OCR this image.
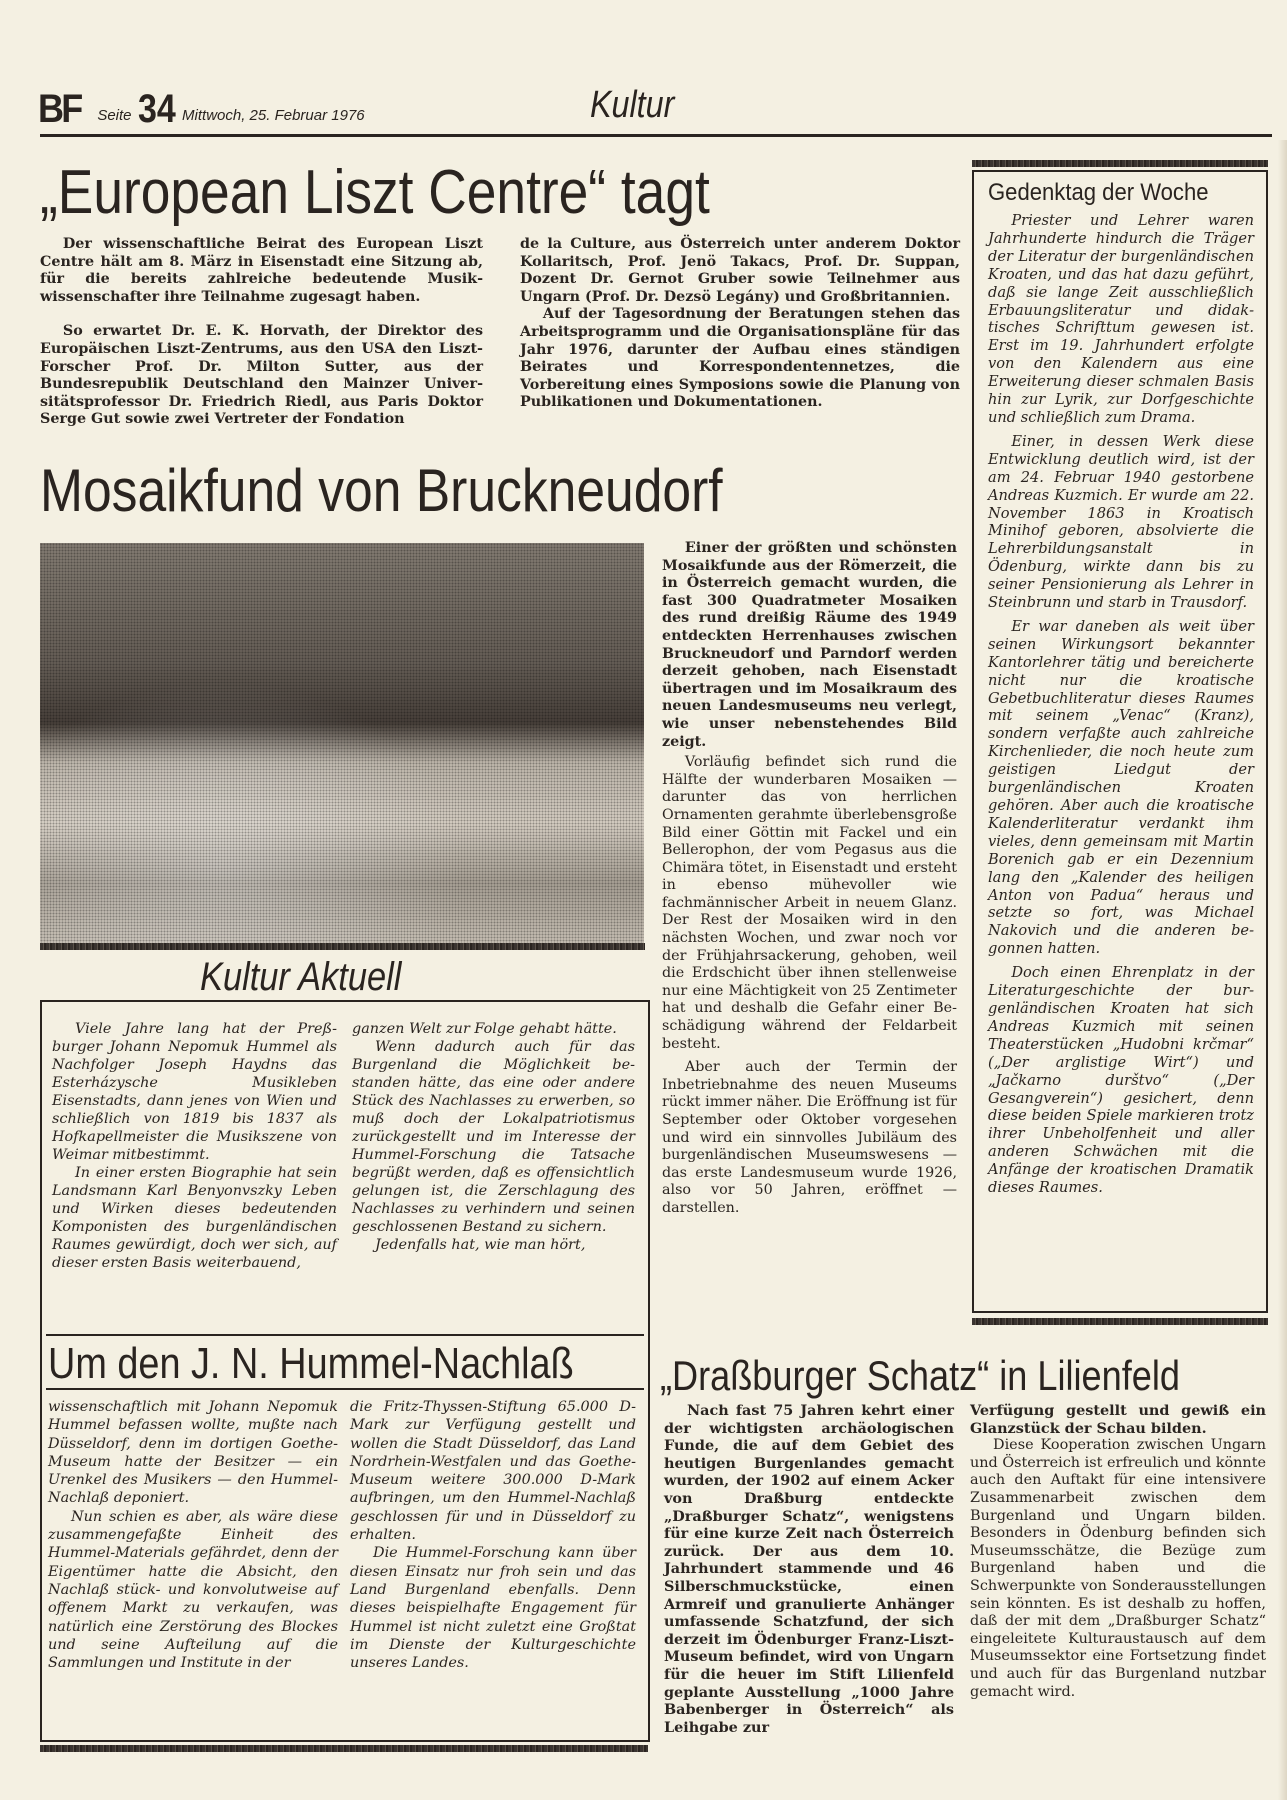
BF Seite 34 Mittwoch, 25. Februar 1976	Kultur
„European Liszt Centre“ tagt

Der wissenschaftliche Beirat des European Liszt Centre hält am 8. März in Eisenstadt eine Sitzung ab, für die bereits zahlreiche bedeutende Musikwissenschafter ihre Teilnahme zugesagt haben.

So erwartet Dr. E. K. Horvath, der Direktor des Europäischen Liszt-Zentrums, aus den USA den Liszt-Forscher Prof. Dr. Milton Sutter, aus der Bundesrepublik Deutschland den Mainzer Universitätsprofessor Dr. Friedrich Riedl, aus Paris Doktor Serge Gut sowie zwei Vertreter der Fondation

de la Culture, aus Österreich unter anderem Doktor Kollaritsch, Prof. Jenö Takacs, Prof. Dr. Suppan, Dozent Dr. Gernot Gruber sowie Teilnehmer aus Ungarn (Prof. Dr. Dezsö Legány) und Großbritannien.

Auf der Tagesordnung der Beratungen stehen das Arbeitsprogramm und die Organisationspläne für das Jahr 1976, darunter der Aufbau eines ständigen Beirates und Korrespondentennetzes, die Vorbereitung eines Symposions sowie die Planung von Publikationen und Dokumentationen.

Gedenktag der Woche

Priester und Lehrer waren Jahrhunderte hindurch die Träger der Literatur der burgenländischen Kroaten, und das hat dazu geführt, daß sie lange Zeit ausschließlich Erbauungsliteratur und didaktisches Schrifttum gewesen ist. Erst im 19. Jahrhundert erfolgte von den Kalendern aus eine Erweiterung dieser schmalen Basis hin zur Lyrik, zur Dorfgeschichte und schließlich zum Drama.

Einer, in dessen Werk diese Entwicklung deutlich wird, ist der am 24. Februar 1940 gestorbene Andreas Kuzmich. Er wurde am 22. November 1863 in Kroatisch Minihof geboren, absolvierte die Lehrerbildungsanstalt in Ödenburg, wirkte dann bis zu seiner Pensionierung als Lehrer in Steinbrunn und starb in Trausdorf.

Er war daneben als weit über seinen Wirkungsort bekannter Kantorlehrer tätig und bereicherte nicht nur die kroatische Gebetbuchliteratur dieses Raumes mit seinem „Venac“ (Kranz), sondern verfaßte auch zahlreiche Kirchenlieder, die noch heute zum geistigen Liedgut der burgenländischen Kroaten gehören. Aber auch die kroatische Kalenderliteratur verdankt ihm vieles, denn gemeinsam mit Martin Borenich gab er ein Dezennium lang den „Kalender des heiligen Anton von Padua“ heraus und setzte so fort, was Michael Nakovich und die anderen begonnen hatten.

Doch einen Ehrenplatz in der Literaturgeschichte der burgenländischen Kroaten hat sich Andreas Kuzmich mit seinen Theaterstücken „Hudobni krčmar“ („Der arglistige Wirt“) und „Jačkarno durštvo“ („Der Gesangverein“) gesichert, denn diese beiden Spiele markieren trotz ihrer Unbeholfenheit und aller anderen Schwächen mit die Anfänge der kroatischen Dramatik dieses Raumes.

Mosaikfund von Bruckneudorf

Einer der größten und schönsten Mosaikfunde aus der Römerzeit, die in Österreich gemacht wurden, die fast 300 Quadratmeter Mosaiken des rund dreißig Räume des 1949 entdeckten Herrenhauses zwischen Bruckneudorf und Parndorf werden derzeit gehoben, nach Eisenstadt übertragen und im Mosaikraum des neuen Landesmuseums neu verlegt, wie unser nebenstehendes Bild zeigt.

Vorläufig befindet sich rund die Hälfte der wunderbaren Mosaiken — darunter das von herrlichen Ornamenten gerahmte überlebensgroße Bild einer Göttin mit Fackel und ein Bellerophon, der vom Pegasus aus die Chimära tötet, in Eisenstadt und ersteht in ebenso mühevoller wie fachmännischer Arbeit in neuem Glanz. Der Rest der Mosaiken wird in den nächsten Wochen, und zwar noch vor der Frühjahrsackerung, gehoben, weil die Erdschicht über ihnen stellenweise nur eine Mächtigkeit von 25 Zentimeter hat und deshalb die Gefahr einer Beschädigung während der Feldarbeit besteht.

Aber auch der Termin der Inbetriebnahme des neuen Museums rückt immer näher. Die Eröffnung ist für September oder Oktober vorgesehen und wird ein sinnvolles Jubiläum des burgenländischen Museumswesens — das erste Landesmuseum wurde 1926, also vor 50 Jahren, eröffnet — darstellen.

Kultur Aktuell

Viele Jahre lang hat der Preßburger Johann Nepomuk Hummel als Nachfolger Joseph Haydns das Esterházysche Musikleben Eisenstadts, dann jenes von Wien und schließlich von 1819 bis 1837 als Hofkapellmeister die Musikszene von Weimar mitbestimmt.

In einer ersten Biographie hat sein Landsmann Karl Benyonvszky Leben und Wirken dieses bedeutenden Komponisten des burgenländischen Raumes gewürdigt, doch wer sich, auf dieser ersten Basis weiterbauend,

ganzen Welt zur Folge gehabt hätte.

Wenn dadurch auch für das Burgenland die Möglichkeit bestanden hätte, das eine oder andere Stück des Nachlasses zu erwerben, so muß doch der Lokalpatriotismus zurückgestellt und im Interesse der Hummel-Forschung die Tatsache begrüßt werden, daß es offensichtlich gelungen ist, die Zerschlagung des Nachlasses zu verhindern und seinen geschlossenen Bestand zu sichern.

Jedenfalls hat, wie man hört,

Um den J. N. Hummel-Nachlaß

wissenschaftlich mit Johann Nepomuk Hummel befassen wollte, mußte nach Düsseldorf, denn im dortigen Goethe-Museum hatte der Besitzer — ein Urenkel des Musikers — den Hummel-Nachlaß deponiert.

Nun schien es aber, als wäre diese zusammengefaßte Einheit des Hummel-Materials gefährdet, denn der Eigentümer hatte die Absicht, den Nachlaß stück- und konvolutweise auf offenem Markt zu verkaufen, was natürlich eine Zerstörung des Blockes und seine Aufteilung auf die Sammlungen und Institute in der

die Fritz-Thyssen-Stiftung 65.000 D-Mark zur Verfügung gestellt und wollen die Stadt Düsseldorf, das Land Nordrhein-Westfalen und das Goethe-Museum weitere 300.000 D-Mark aufbringen, um den Hummel-Nachlaß geschlossen für und in Düsseldorf zu erhalten.

Die Hummel-Forschung kann über diesen Einsatz nur froh sein und das Land Burgenland ebenfalls. Denn dieses beispielhafte Engagement für Hummel ist nicht zuletzt eine Großtat im Dienste der Kulturgeschichte unseres Landes.

„Draßburger Schatz“ in Lilienfeld

Nach fast 75 Jahren kehrt einer der wichtigsten archäologischen Funde, die auf dem Gebiet des heutigen Burgenlandes gemacht wurden, der 1902 auf einem Acker von Draßburg entdeckte „Draßburger Schatz“, wenigstens für eine kurze Zeit nach Österreich zurück. Der aus dem 10. Jahrhundert stammende und 46 Silberschmuckstücke, einen Armreif und granulierte Anhänger umfassende Schatzfund, der sich derzeit im Ödenburger Franz-Liszt-Museum befindet, wird von Ungarn für die heuer im Stift Lilienfeld geplante Ausstellung „1000 Jahre Babenberger in Österreich“ als Leihgabe zur

Verfügung gestellt und gewiß ein Glanzstück der Schau bilden.

Diese Kooperation zwischen Ungarn und Österreich ist erfreulich und könnte auch den Auftakt für eine intensivere Zusammenarbeit zwischen dem Burgenland und Ungarn bilden. Besonders in Ödenburg befinden sich Museumsschätze, die Bezüge zum Burgenland haben und die Schwerpunkte von Sonderausstellungen sein könnten. Es ist deshalb zu hoffen, daß der mit dem „Draßburger Schatz“ eingeleitete Kulturaustausch auf dem Museumssektor eine Fortsetzung findet und auch für das Burgenland nutzbar gemacht wird.
